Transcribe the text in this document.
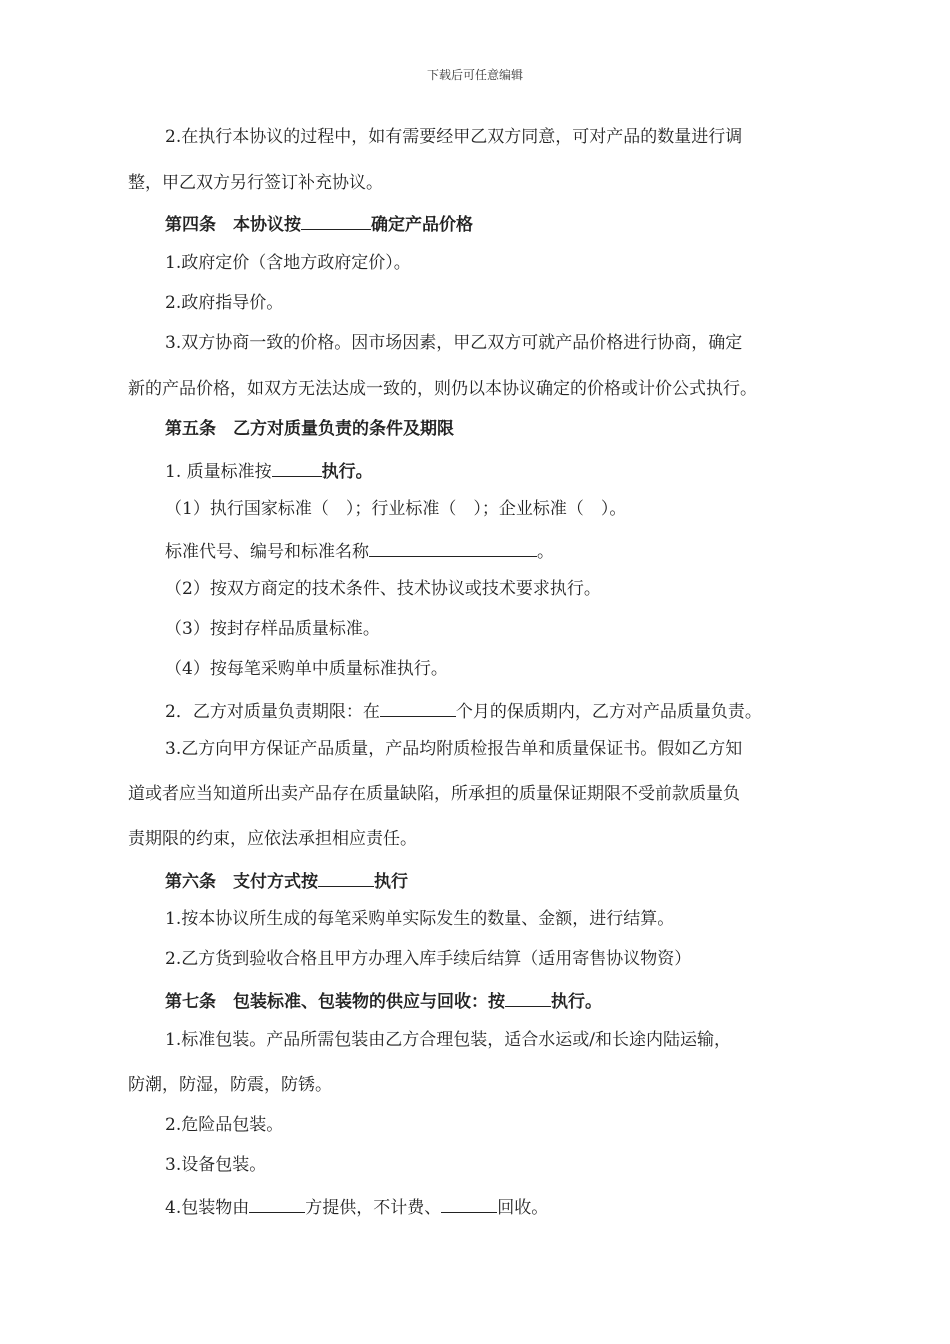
下载后可任意编辑
2.在执行本协议的过程中，如有需要经甲乙双方同意，可对产品的数量进行调
整，甲乙双方另行签订补充协议。
第四条　本协议按	确定产品价格
1.政府定价（含地方政府定价）。
2.政府指导价。
3.双方协商一致的价格。因市场因素，甲乙双方可就产品价格进行协商，确定
新的产品价格，如双方无法达成一致的，则仍以本协议确定的价格或计价公式执行。
第五条　乙方对质量负责的条件及期限
1. 质量标准按	执行。
（1）执行国家标准（　）；行业标准（　）；企业标准（　）。
标准代号、编号和标准名称	。
（2）按双方商定的技术条件、技术协议或技术要求执行。
（3）按封存样品质量标准。
（4）按每笔采购单中质量标准执行。
2．乙方对质量负责期限：在	个月的保质期内，乙方对产品质量负责。
3.乙方向甲方保证产品质量，产品均附质检报告单和质量保证书。假如乙方知
道或者应当知道所出卖产品存在质量缺陷，所承担的质量保证期限不受前款质量负
责期限的约束，应依法承担相应责任。
第六条　支付方式按	执行
1.按本协议所生成的每笔采购单实际发生的数量、金额，进行结算。
2.乙方货到验收合格且甲方办理入库手续后结算（适用寄售协议物资）
第七条　包装标准、包装物的供应与回收：按	执行。
1.标准包装。产品所需包装由乙方合理包装，适合水运或/和长途内陆运输，
防潮，防湿，防震，防锈。
2.危险品包装。
3.设备包装。
4.包装物由	方提供，不计费、	回收。
